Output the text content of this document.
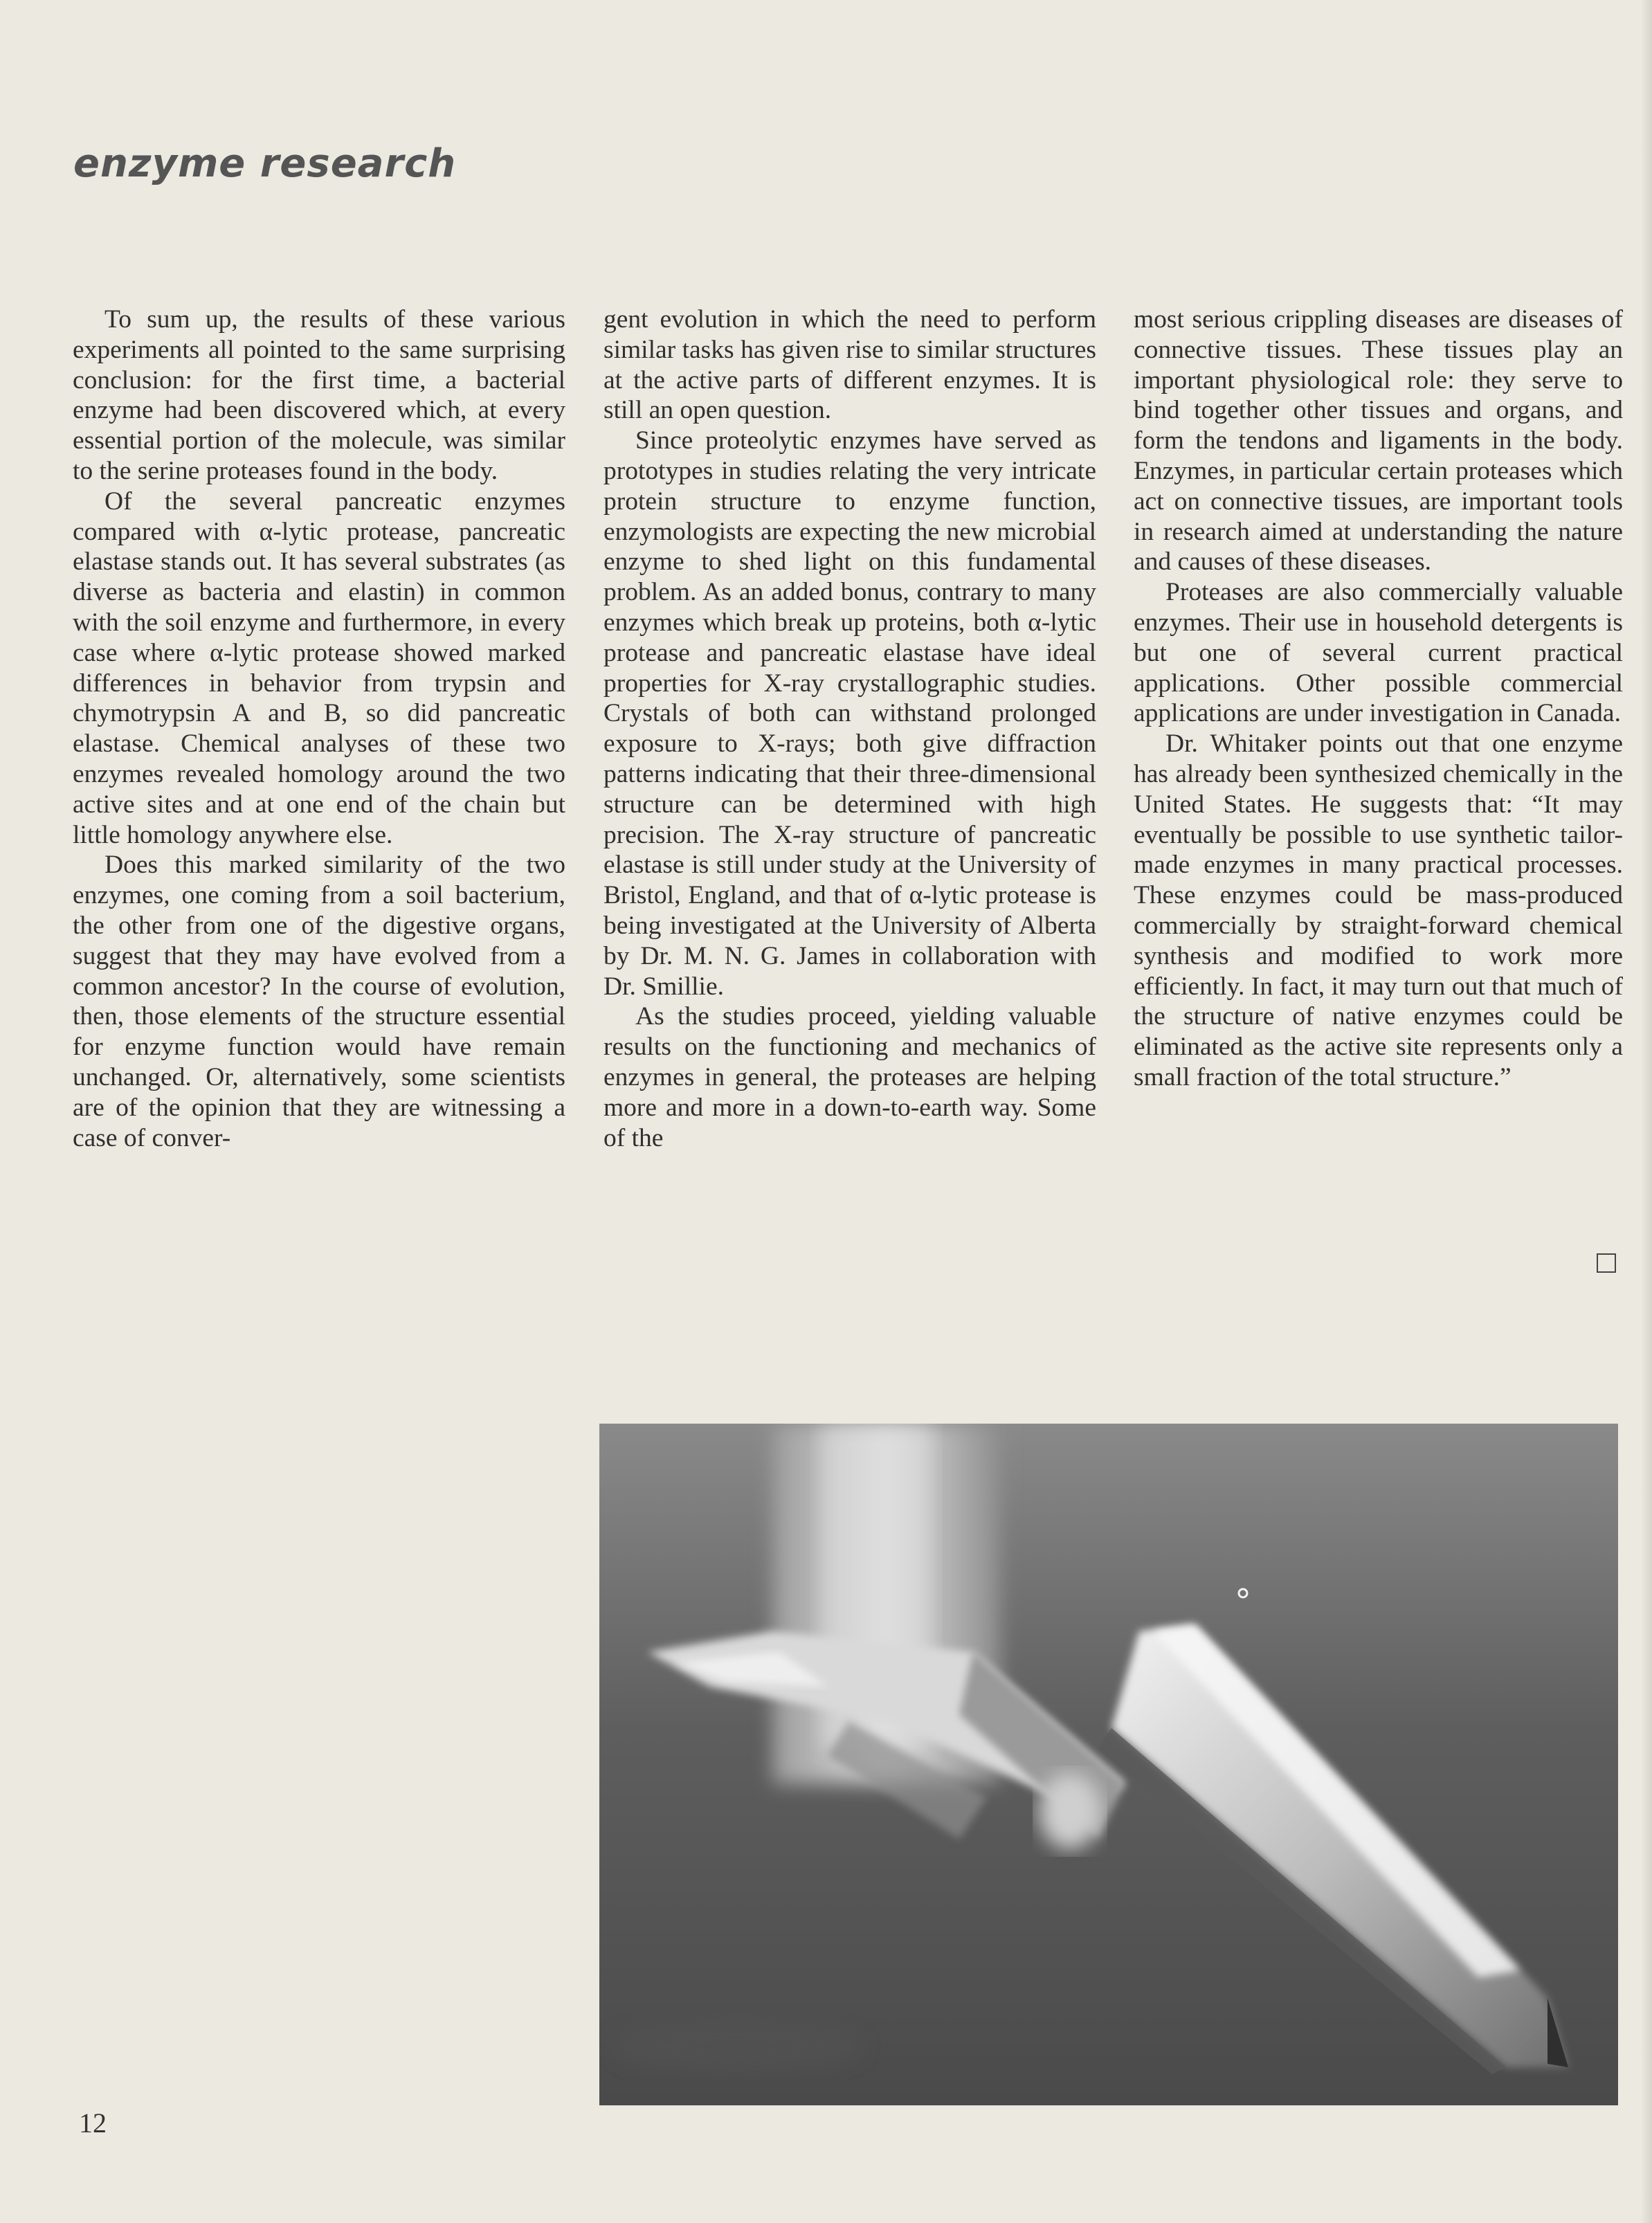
enzyme research

To sum up, the results of these various experiments all pointed to the same surprising conclusion: for the first time, a bacterial enzyme had been discovered which, at every essential portion of the molecule, was similar to the serine proteases found in the body.

Of the several pancreatic enzymes compared with α-lytic protease, pancreatic elastase stands out. It has several substrates (as diverse as bacteria and elastin) in common with the soil enzyme and furthermore, in every case where α-lytic protease showed marked differences in behavior from trypsin and chymotrypsin A and B, so did pancreatic elastase. Chemical analyses of these two enzymes revealed homology around the two active sites and at one end of the chain but little homology anywhere else.

Does this marked similarity of the two enzymes, one coming from a soil bacterium, the other from one of the digestive organs, suggest that they may have evolved from a common ancestor? In the course of evolution, then, those elements of the structure essential for enzyme function would have remain unchanged. Or, alternatively, some scientists are of the opinion that they are witnessing a case of conver-

gent evolution in which the need to perform similar tasks has given rise to similar structures at the active parts of different enzymes. It is still an open question.

Since proteolytic enzymes have served as prototypes in studies relating the very intricate protein structure to enzyme function, enzymologists are expecting the new microbial enzyme to shed light on this fundamental problem. As an added bonus, contrary to many enzymes which break up proteins, both α-lytic protease and pancreatic elastase have ideal properties for X-ray crystallographic studies. Crystals of both can withstand prolonged exposure to X-rays; both give diffraction patterns indicating that their three-dimensional structure can be determined with high precision. The X-ray structure of pancreatic elastase is still under study at the University of Bristol, England, and that of α-lytic protease is being investigated at the University of Alberta by Dr. M. N. G. James in collaboration with Dr. Smillie.

As the studies proceed, yielding valuable results on the functioning and mechanics of enzymes in general, the proteases are helping more and more in a down-to-earth way. Some of the

most serious crippling diseases are diseases of connective tissues. These tissues play an important physiological role: they serve to bind together other tissues and organs, and form the tendons and ligaments in the body. Enzymes, in particular certain proteases which act on connective tissues, are important tools in research aimed at understanding the nature and causes of these diseases.

Proteases are also commercially valuable enzymes. Their use in household detergents is but one of several current practical applications. Other possible commercial applications are under investigation in Canada.

Dr. Whitaker points out that one enzyme has already been synthesized chemically in the United States. He suggests that: “It may eventually be possible to use synthetic tailor-made enzymes in many practical processes. These enzymes could be mass-produced commercially by straight-forward chemical synthesis and modified to work more efficiently. In fact, it may turn out that much of the structure of native enzymes could be eliminated as the active site represents only a small fraction of the total structure.”

12
